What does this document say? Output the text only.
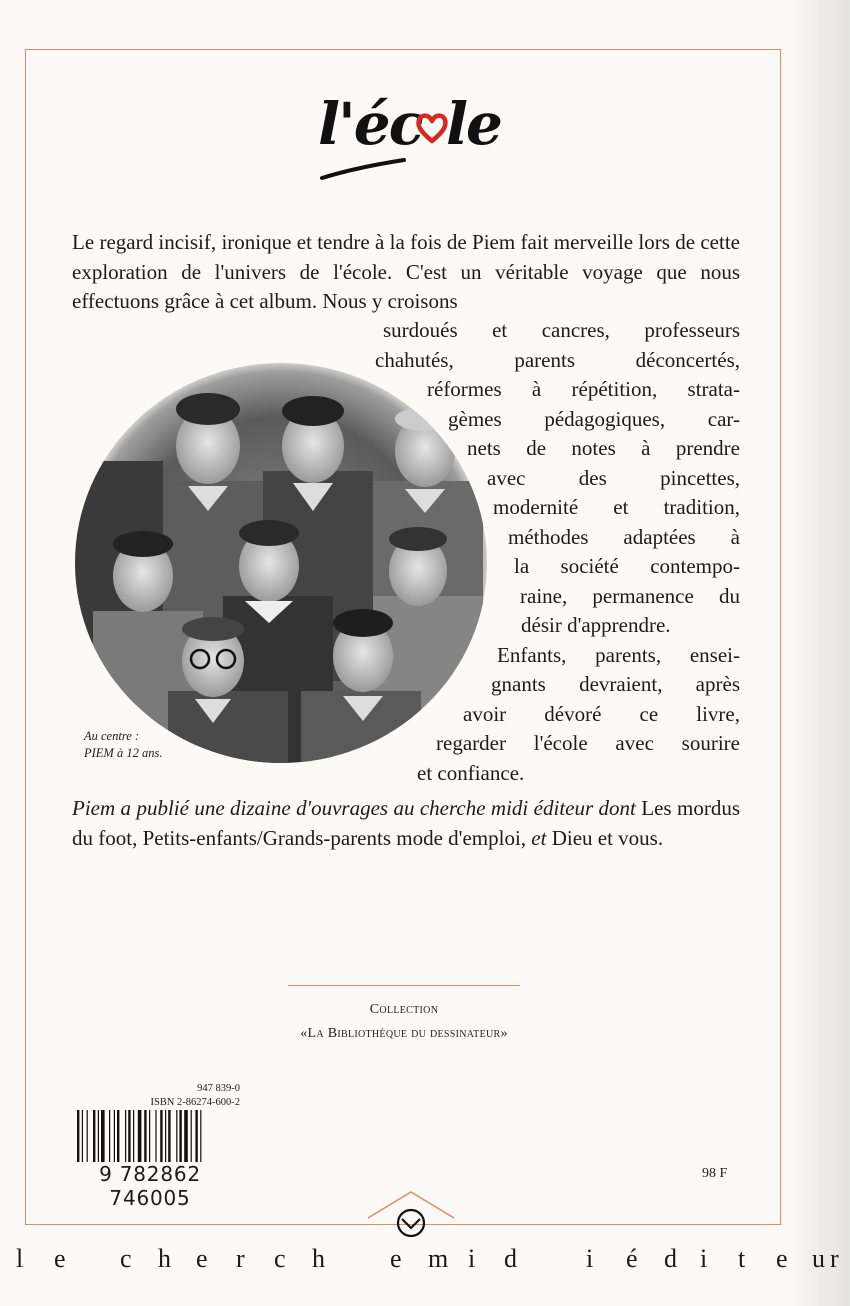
l'éc le

Le regard incisif, ironique et tendre à la fois de Piem fait merveille lors de cette exploration de l'univers de l'école. C'est un véritable voyage que nous effectuons grâce à cet album. Nous y croisons

surdoués et cancres, professeurs
chahutés, parents déconcertés,
réformes à répétition, strata-
gèmes pédagogiques, car-
nets de notes à prendre
avec des pincettes,
modernité et tradition,
méthodes adaptées à
la société contempo-
raine, permanence du
désir d'apprendre.
Enfants, parents, ensei-
gnants devraient, après
avoir dévoré ce livre,
regarder l'école avec sourire
et confiance.
Au centre :
PIEM à 12 ans.

Piem a publié une dizaine d'ouvrages au cherche midi éditeur dont Les mordus du foot, Petits-enfants/Grands-parents mode d'emploi, et Dieu et vous.

Collection
«La Bibliothèque du dessinateur»
947 839-0
ISBN 2-86274-600-2
9 782862 746005
98 F
l e c h e r c h	e m i d	i é d i t e u r
